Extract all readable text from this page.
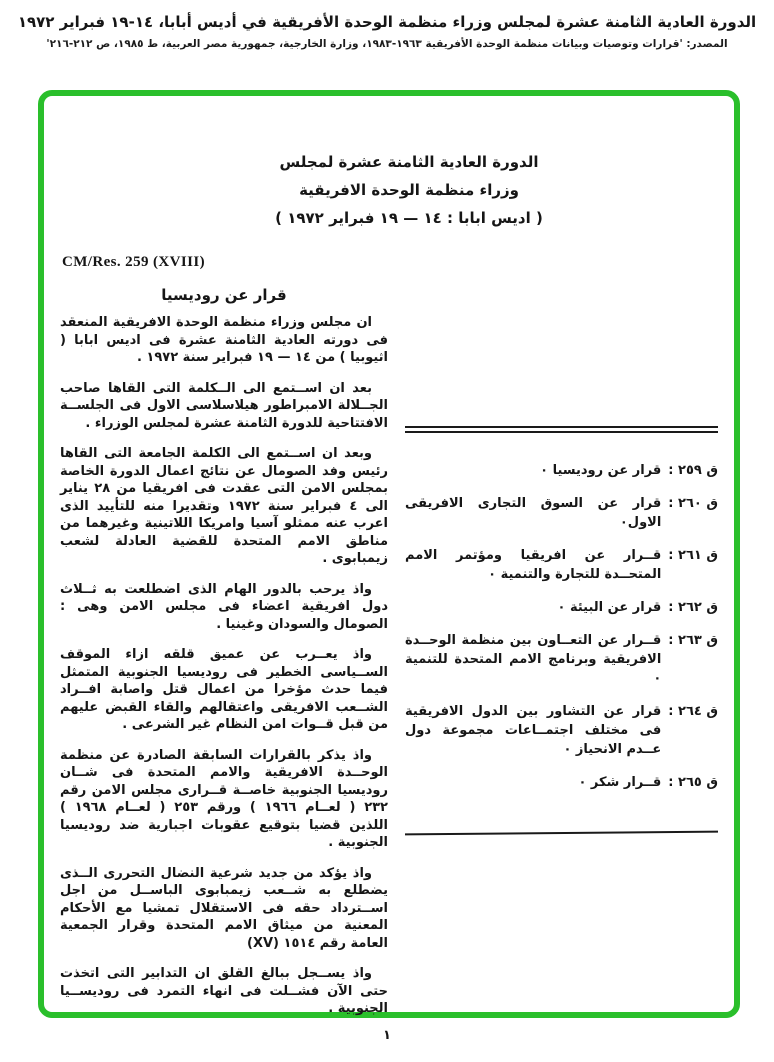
الدورة العادية الثامنة عشرة لمجلس وزراء منظمة الوحدة الأفريقية في أديس أبابا، ١٤-١٩ فبراير ١٩٧٢
المصدر: 'قرارات وتوصيات وبيانات منظمة الوحدة الأفريقية ١٩٦٣-١٩٨٣، وزارة الخارجية، جمهورية مصر العربية، ط ١٩٨٥، ص ٢١٢-٢١٦'
الدورة العادية الثامنة عشرة لمجلس
وزراء منظمة الوحدة الافريقية
( اديس ابابا : ١٤ — ١٩ فبراير ١٩٧٢ )
CM/Res. 259 (XVIII)
قرار عن روديسيا

ان مجلس وزراء منظمة الوحدة الافريقية المنعقد فى دورته العادية الثامنة عشرة فى اديس ابابا ( اثيوبيا ) من ١٤ — ١٩ فبراير سنة ١٩٧٢ .

بعد ان اســتمع الى الــكلمة التى القاها صاحب الجــلالة الامبراطور هيلاسلاسى الاول فى الجلســة الافتتاحية للدورة الثامنة عشرة لمجلس الوزراء .

وبعد ان اســتمع الى الكلمة الجامعة التى القاها رئيس وفد الصومال عن نتائج اعمال الدورة الخاصة بمجلس الامن التى عقدت فى افريقيا من ٢٨ يناير الى ٤ فبراير سنة ١٩٧٢ وتقديرا منه للتأييد الذى اعرب عنه ممثلو آسيا وامريكا اللاتينية وغيرهما من مناطق الامم المتحدة للقضية العادلة لشعب زيمبابوى .

واذ يرحب بالدور الهام الذى اضطلعت به ثــلاث دول افريقية اعضاء فى مجلس الامن وهى : الصومال والسودان وغينيا .

واذ يعــرب عن عميق قلقه ازاء الموقف الســياسى الخطير فى روديسيا الجنوبية المتمثل فيما حدث مؤخرا من اعمال قتل واصابة افــراد الشــعب الافريقى واعتقالهم والقاء القبض عليهم من قبل قــوات امن النظام غير الشرعى .

واذ يذكر بالقرارات السابقة الصادرة عن منظمة الوحــدة الافريقية والامم المتحدة فى شــان روديسيا الجنوبية خاصــة قــرارى مجلس الامن رقم ٢٣٢ ( لعــام ١٩٦٦ ) ورقم ٢٥٣ ( لعــام ١٩٦٨ ) اللذين قضيا بتوقيع عقوبات اجبارية ضد روديسيا الجنوبية .

واذ يؤكد من جديد شرعية النضال التحررى الــذى يضطلع به شــعب زيمبابوى الباســل من اجل اســترداد حقه فى الاستقلال تمشيا مع الأحكام المعنية من ميثاق الامم المتحدة وقرار الجمعية العامة رقم ١٥١٤ (XV)

واذ يســجل ببالغ القلق ان التدابير التى اتخذت حتى الآن فشــلت فى انهاء التمرد فى روديســيا الجنوبية .

ق ٢٥٩ :
قرار عن روديسيا ٠
ق ٢٦٠ :
قرار عن السوق التجارى الافريقى الاول٠
ق ٢٦١ :
قــرار عن افريقيا ومؤتمر الامم المتحــدة للتجارة والتنمية ٠
ق ٢٦٢ :
قرار عن البيئة ٠
ق ٢٦٣ :
قــرار عن التعــاون بين منظمة الوحــدة الافريقية وبرنامج الامم المتحدة للتنمية ٠
ق ٢٦٤ :
قرار عن التشاور بين الدول الافريقية فى مختلف اجتمــاعات مجموعة دول عــدم الانحياز ٠
ق ٢٦٥ :
قــرار شكر ٠
١
